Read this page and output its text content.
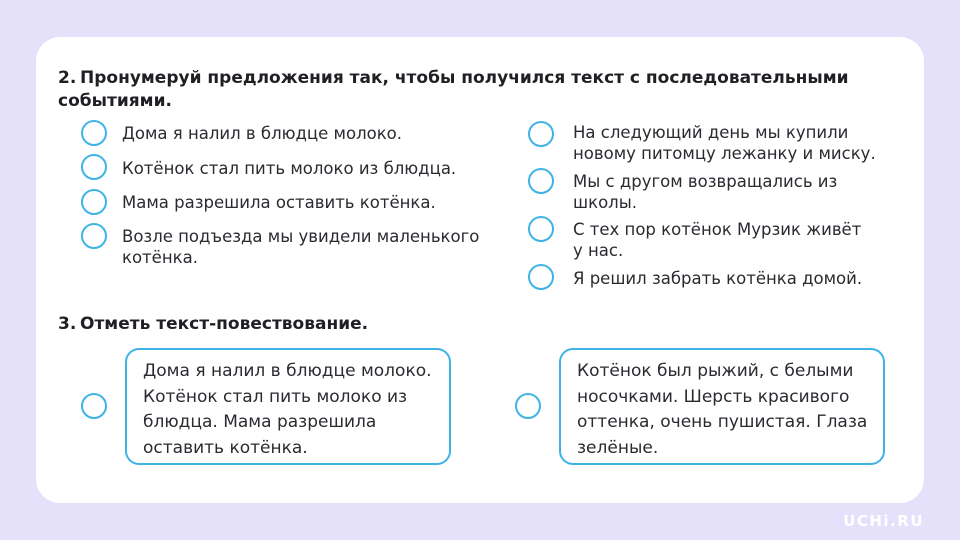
2. Пронумеруй предложения так, чтобы получился текст с последовательными событиями.

Дома я налил в блюдце молоко.

Котёнок стал пить молоко из блюдца.

Мама разрешила оставить котёнка.

Возле подъезда мы увидели маленького котёнка.

На следующий день мы купили новому питомцу лежанку и миску.

Мы с другом возвращались из школы.

С тех пор котёнок Мурзик живёт у нас.

Я решил забрать котёнка домой.

3. Отметь текст-повествование.
Дома я налил в блюдце молоко. Котёнок стал пить молоко из блюдца. Мама разрешила оставить котёнка.
Котёнок был рыжий, с белыми носочками. Шерсть красивого оттенка, очень пушистая. Глаза зелёные.
UCHi.RU
